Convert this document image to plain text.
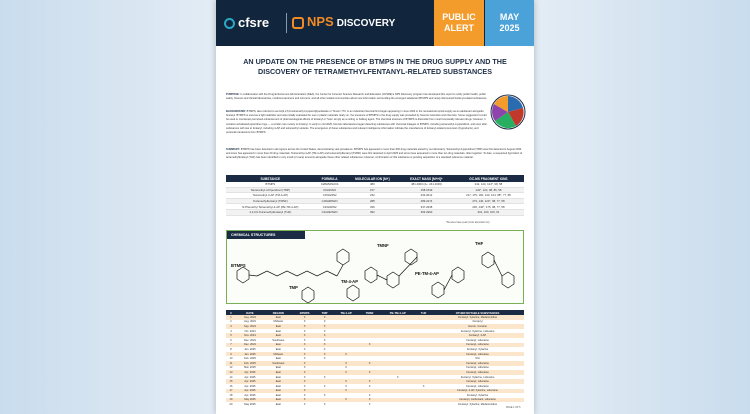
cfsre	NPS DISCOVERY
PUBLIC
ALERT
MAY
2025
AN UPDATE ON THE PRESENCE OF BTMPS IN THE DRUG SUPPLY AND THE DISCOVERY OF TETRAMETHYLFENTANYL-RELATED SUBSTANCES
PURPOSE: In collaboration with the Drug Enforcement Administration (DEA), the Center for Forensic Science Research and Education (CFSRE)'s NPS Discovery program has developed this report to notify public health, public safety, forensic and clinical laboratories, medical examiners and coroners, and all other related communities about new information surrounding the emergent adulterant BTMPS and newly discovered fentanyl-related substances.
BACKGROUND: BTMPS, also referred to as bis(2,2,6,6-tetramethyl-4-piperidyl)sebacate or Tinuvin 770, is an industrial chemical first began appearing in June 2024 in the recreational opioid supply as an adulterant alongside fentanyl. BTMPS is used as a light stabilizer and was initially evaluated for use in plastic materials. Early on, the presence of BTMPS in the drug supply was preceded by forensic scientists and chemists. Some suggested it could be used to counteract perceived enhancement of pharmacological effects of fentanyl or 'Sure' simply as a cutting or bulking agent. The chemical structure of BTMPS is dissimilar from most forensically relevant drugs; however, it contains substituted piperidine rings — a similar core moiety to fentanyl. In early to mid 2025, forensic laboratories began detecting substances with chemical linkages to BTMPS, including tetramethyl-4-piperidinol, and soon after substances with ties to fentanyl, including 4-AP and tetramethyl variants. The emergence of these substances and relevant intelligence information indicate the manufacture of fentanyl-related precursors (byproducts), and personal interactions from BTMPS.
SUMMARY: BTMPS has been detected in all regions across the United States, demonstrating vast prevalence. BTMPS has appeared in more than 600 drug materials tested by our laboratory. Tetramethyl-4-piperidinol (TMP) was first detected in August 2024 and since has appeared in more than 20 drug materials. Tetramethyl-4-AP (TM-4-AP) and tetramethylfentanyl (TMNF) were first detected in April 2025 and since have appeared in more than ten drug materials, often together. To date, a suspected byproduct of tetramethylfentanyl (THF) has been identified in only small (or trace) amounts alongside these other related substances; however, confirmation of this substance is pending acquisition of a standard reference material.
SUBSTANCE	FORMULA	MOLECULAR ION [M+]	EXACT MASS [M+H]+	GC-MS FRAGMENT IONS
BTMPS	C28H52N2O4	480	481.4000 (2+: 241.2036)	242, 140, 124*, 98, 58
Tetramethyl-4-Piperidinol (TMP)	C9H19NO	157	158.1539	142*, 124, 98, 86, 58
Tetramethyl-4-AP (TM-4-AP)	C15H24N2	232	233.2012	217, 175, 160, 140, 124, 98*, 77, 58
Tetramethylfentanyl (TMNF)	C18H28N2O	288	289.2274	273, 140, 124*, 98, 77, 58
N-Phenethyl Tetramethyl-4-AP (PE-TM-4-AP)	C23H32N2	336	337.2638	245, 140*, 175, 98, 77, 58
2,2,6,6-Tetramethylfentanyl (THF)	C24H32N2O	392	393.2900	301, 160, 105, 91
*Denotes base peak (most abundant ion)
CHEMICAL STRUCTURES
BTMPS
TMP
TM-4-AP
TMNF
PE-TM-4-AP
THF
#	DATE	REGION	BTMPS	TMP	TM-4-AP	TMNF	PE-TM-4-AP	THF	OTHER NOTABLE SUBSTANCES
1	Aug. 2024	East	X	X					Fentanyl, Xylazine, Medetomidine
2	Aug. 2024	Midwest	X	X					Fentanyl
3	Sep. 2024	East	X	X					Heroin, Cocaine
4	Oct. 2024	East	X	X					Fentanyl, Xylazine, Lidocaine
5	Nov. 2024	East	X	X					Fentanyl, 4-AP
6	Dec. 2024	Southwest	X	X					Fentanyl, Lidocaine
7	Dec. 2024	East	X	X		X			Fentanyl, Lidocaine
8	Jan. 2025	East	X	X					Fentanyl, Xylazine
9	Jan. 2025	Midwest	X	X	X				Fentanyl, Lidocaine
10	Feb. 2025	East	X	X					N/A
11	Feb. 2025	Southwest	X		X	X			Fentanyl, Lidocaine
12	Mar. 2025	East	X		X				Fentanyl, Lidocaine
13	Apr. 2025	East	X		X	X			Fentanyl, Lidocaine
14	Apr. 2025	East	X	X			X		Fentanyl, Xylazine, Lidocaine
15	Apr. 2025	East	X		X	X			Fentanyl, Lidocaine
16	Apr. 2025	East	X	X	X	X		X	Fentanyl, Lidocaine
17	Apr. 2025	East	X		X				Fentanyl, 4-AP, Xylazine, Lidocaine
18	Apr. 2025	East	X	X		X			Fentanyl, Xylazine
19	May 2025	East	X		X	X			Fentanyl, Carfentanil, Lidocaine
20	May 2025	East	X	X		X			Fentanyl, Xylazine, Medetomidine
PAGE 1 OF 5
